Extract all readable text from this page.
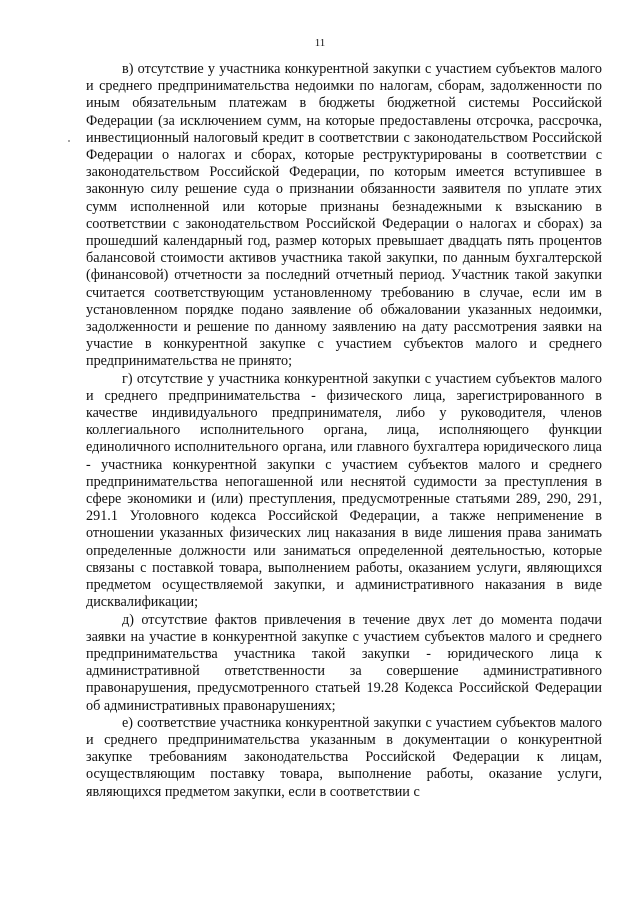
11

в) отсутствие у участника конкурентной закупки с участием субъектов малого и среднего предпринимательства недоимки по налогам, сборам, задолженности по иным обязательным платежам в бюджеты бюджетной системы Российской Федерации (за исключением сумм, на которые предоставлены отсрочка, рассрочка, инвестиционный налоговый кредит в соответствии с законодательством Российской Федерации о налогах и сборах, которые реструктурированы в соответствии с законодательством Российской Федерации, по которым имеется вступившее в законную силу решение суда о признании обязанности заявителя по уплате этих сумм исполненной или которые признаны безнадежными к взысканию в соответствии с законодательством Российской Федерации о налогах и сборах) за прошедший календарный год, размер которых превышает двадцать пять процентов балансовой стоимости активов участника такой закупки, по данным бухгалтерской (финансовой) отчетности за последний отчетный период. Участник такой закупки считается соответствующим установленному требованию в случае, если им в установленном порядке подано заявление об обжаловании указанных недоимки, задолженности и решение по данному заявлению на дату рассмотрения заявки на участие в конкурентной закупке с участием субъектов малого и среднего предпринимательства не принято;

г) отсутствие у участника конкурентной закупки с участием субъектов малого и среднего предпринимательства - физического лица, зарегистрированного в качестве индивидуального предпринимателя, либо у руководителя, членов коллегиального исполнительного органа, лица, исполняющего функции единоличного исполнительного органа, или главного бухгалтера юридического лица - участника конкурентной закупки с участием субъектов малого и среднего предпринимательства непогашенной или неснятой судимости за преступления в сфере экономики и (или) преступления, предусмотренные статьями 289, 290, 291, 291.1 Уголовного кодекса Российской Федерации, а также неприменение в отношении указанных физических лиц наказания в виде лишения права занимать определенные должности или заниматься определенной деятельностью, которые связаны с поставкой товара, выполнением работы, оказанием услуги, являющихся предметом осуществляемой закупки, и административного наказания в виде дисквалификации;

д) отсутствие фактов привлечения в течение двух лет до момента подачи заявки на участие в конкурентной закупке с участием субъектов малого и среднего предпринимательства участника такой закупки - юридического лица к административной ответственности за совершение административного правонарушения, предусмотренного статьей 19.28 Кодекса Российской Федерации об административных правонарушениях;

е) соответствие участника конкурентной закупки с участием субъектов малого и среднего предпринимательства указанным в документации о конкурентной закупке требованиям законодательства Российской Федерации к лицам, осуществляющим поставку товара, выполнение работы, оказание услуги, являющихся предметом закупки, если в соответствии с
